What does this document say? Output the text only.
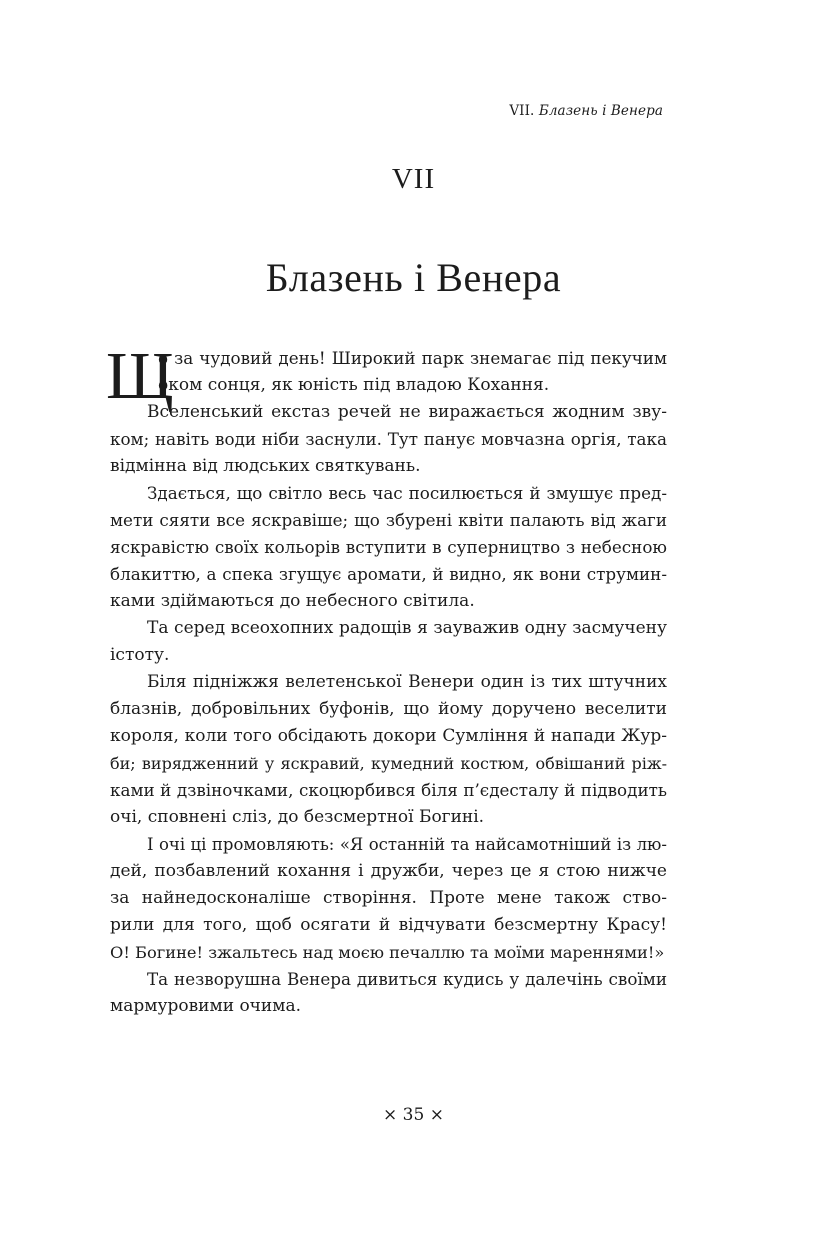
VII. Блазень і Венера
VII
Блазень і Венера
Щ
о за чудовий день! Широкий парк знемагає під пекучим
оком сонця, як юність під владою Кохання.
Вселенський екстаз речей не виражається жодним зву-
ком; навіть води ніби заснули. Тут панує мовчазна оргія, така
відмінна від людських святкувань.
Здається, що світло весь час посилюється й змушує пред-
мети сяяти все яскравіше; що збурені квіти палають від жаги
яскравістю своїх кольорів вступити в суперництво з небесною
блакиттю, а спека згущує аромати, й видно, як вони струмин-
ками здіймаються до небесного світила.
Та серед всеохопних радощів я зауважив одну засмучену
істоту.
Біля підніжжя велетенської Венери один із тих штучних
блазнів, добровільних буфонів, що йому доручено веселити
короля, коли того обсідають докори Сумління й напади Жур-
би; вирядженний у яскравий, кумедний костюм, обвішаний ріж-
ками й дзвіночками, скоцюрбився біля п’єдесталу й підводить
очі, сповнені сліз, до безсмертної Богині.
І очі ці промовляють: «Я останній та найсамотніший із лю-
дей, позбавлений кохання і дружби, через це я стою нижче
за найнедосконаліше створіння. Проте мене також ство-
рили для того, щоб осягати й відчувати безсмертну Красу!
О! Богине! зжальтесь над моєю печаллю та моїми мареннями!»
Та незворушна Венера дивиться кудись у далечінь своїми
мармуровими очима.
× 35 ×
